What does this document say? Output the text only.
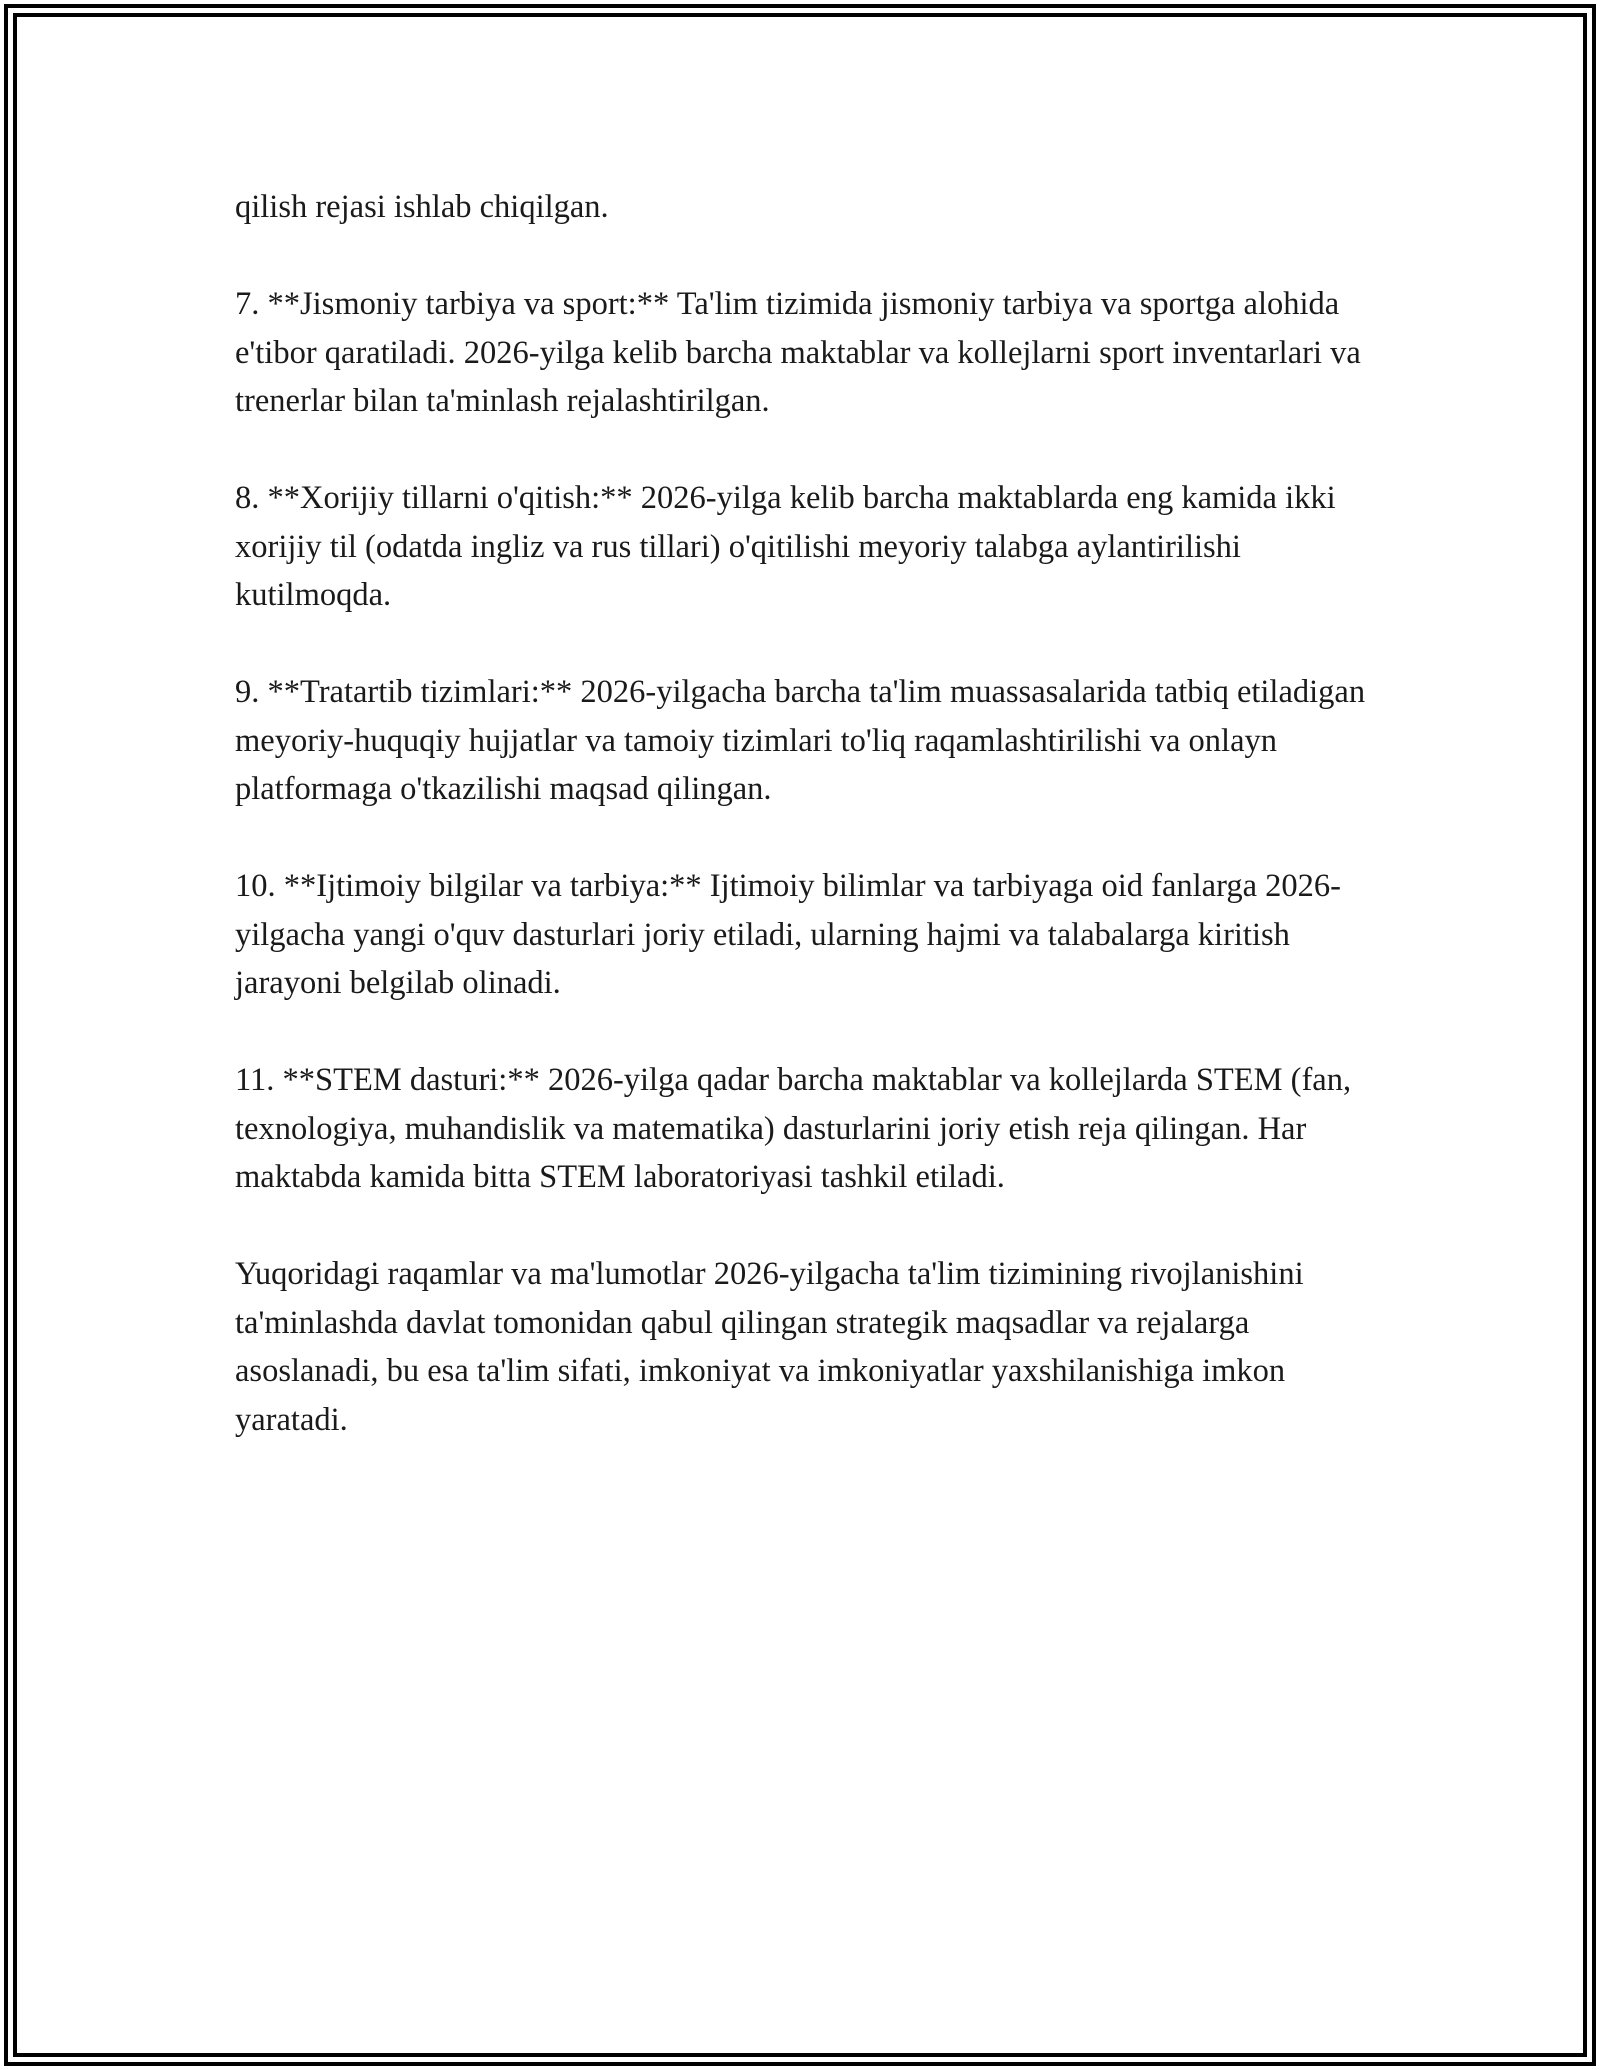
qilish rejasi ishlab chiqilgan.

7. **Jismoniy tarbiya va sport:** Ta'lim tizimida jismoniy tarbiya va sportga alohida e'tibor qaratiladi. 2026-yilga kelib barcha maktablar va kollejlarni sport inventarlari va trenerlar bilan ta'minlash rejalashtirilgan.

8. **Xorijiy tillarni o'qitish:** 2026-yilga kelib barcha maktablarda eng kamida ikki xorijiy til (odatda ingliz va rus tillari) o'qitilishi meyoriy talabga aylantirilishi kutilmoqda.

9. **Tratartib tizimlari:** 2026-yilgacha barcha ta'lim muassasalarida tatbiq etiladigan meyoriy-huquqiy hujjatlar va tamoiy tizimlari to'liq raqamlashtirilishi va onlayn platformaga o'tkazilishi maqsad qilingan.

10. **Ijtimoiy bilgilar va tarbiya:** Ijtimoiy bilimlar va tarbiyaga oid fanlarga 2026-yilgacha yangi o'quv dasturlari joriy etiladi, ularning hajmi va talabalarga kiritish jarayoni belgilab olinadi.

11. **STEM dasturi:** 2026-yilga qadar barcha maktablar va kollejlarda STEM (fan, texnologiya, muhandislik va matematika) dasturlarini joriy etish reja qilingan. Har maktabda kamida bitta STEM laboratoriyasi tashkil etiladi.

Yuqoridagi raqamlar va ma'lumotlar 2026-yilgacha ta'lim tizimining rivojlanishini ta'minlashda davlat tomonidan qabul qilingan strategik maqsadlar va rejalarga asoslanadi, bu esa ta'lim sifati, imkoniyat va imkoniyatlar yaxshilanishiga imkon yaratadi.
